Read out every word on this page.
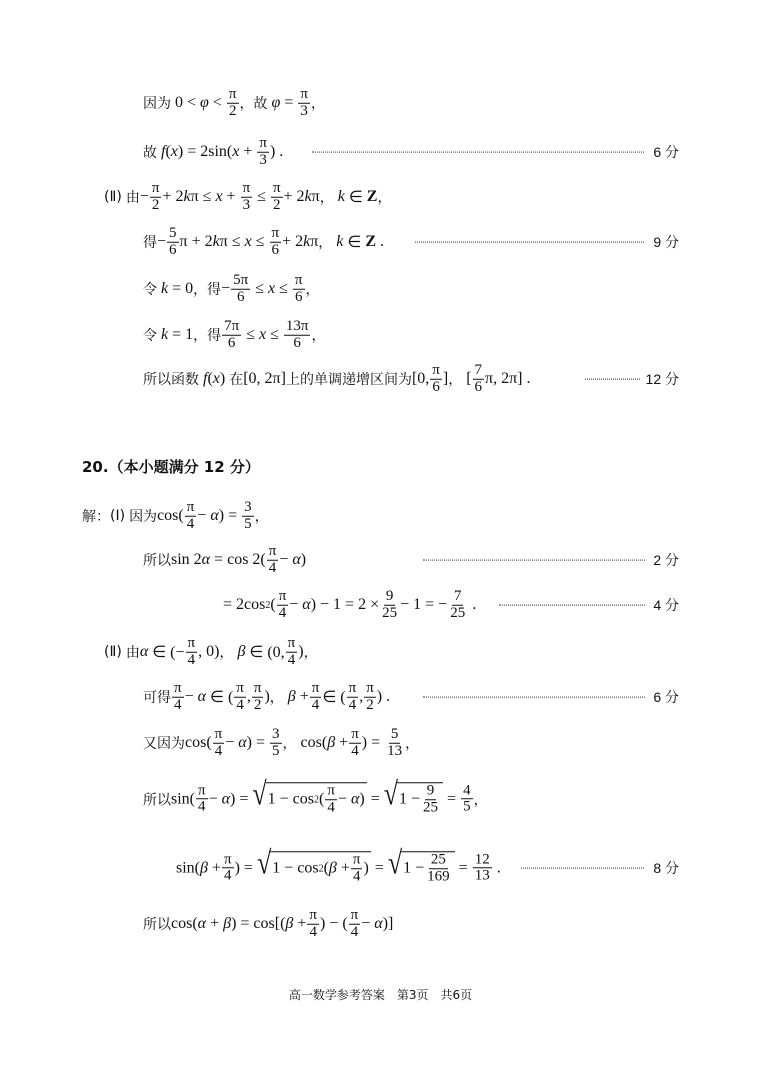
因为 $0 < \varphi < \frac{\pi}{2}$ ，故
$\varphi = \frac{\pi}{3}$ ，
故
f ( x ) = 2sin( $x + \frac{\pi}{3}$ ) .	6 分
(Ⅱ)
由 − $\frac{\pi}{2} + 2$ k $\pi \le x + \frac{\pi}{3} \le \frac{\pi}{2} + 2$ k π ，
k ∈ Z ，
得 − $\frac{5}{6}$ π + 2 k $\pi \le x \le \frac{\pi}{6} + 2$ k π ，
k ∈ Z .	9 分
令
k = 0 ，得 − $\frac{5\pi}{6} \le x \le \frac{\pi}{6}$ ，
令
k = 1 ，得 $\frac{7\pi}{6} \le x \le \frac{13\pi}{6}$ ，
所以函数
f ( x ) 在 [0, 2π] 上的单调递增区间为 [0, $\frac{\pi}{6}$ ] ， [ $\frac{7}{6} \pi$, 2π] .	12 分
20.（本小题满分 12 分）
解： (Ⅰ)
因为 $\cos( \frac{\pi}{4} - \alpha$ ) = $\frac{3}{5}$ ，
所以 sin 2 $\alpha = \cos 2( \frac{\pi}{4} - \alpha$ )	2 分
= 2cos 2 ( $\frac{\pi}{4} - \alpha$ ) − $1 = 2 \times \frac{9}{25} - 1$ = − $\frac{7}{25}$ .	4 分
(Ⅱ)
由 α ∈ (− $\frac{\pi}{4}$ , 0) ，
β ∈ (0, $\frac{\pi}{4}$ ) ，
可得 $\frac{\pi}{4} - \alpha$ ∈ ( $\frac{\pi}{4}$ , $\frac{\pi}{2}$ ) ，
$\beta + \frac{\pi}{4}$ ∈ ( $\frac{\pi}{4}$ , $\frac{\pi}{2}$ ) .	6 分
又因为 $\cos( \frac{\pi}{4} - \alpha$ ) = $\frac{3}{5}$ ， cos( $\beta + \frac{\pi}{4}$ ) = $\frac{5}{13}$ ，
所以 $\sin( \frac{\pi}{4} - \alpha$ ) = √ 1 − cos 2 ( $\frac{\pi}{4} - \alpha$ ) = √ $1 - \frac{9}{25} = \frac{4}{5}$ ，
sin( $\beta + \frac{\pi}{4}$ ) = √ 1 − cos 2 ( $\beta + \frac{\pi}{4}$ ) = √ $1 - \frac{25}{169} = \frac{12}{13}$ .	8 分
所以 cos( α + β ) = cos[( $\beta + \frac{\pi}{4}$ ) − ( $\frac{\pi}{4} - \alpha$ )]
高一数学参考答案　第3页　共6页
